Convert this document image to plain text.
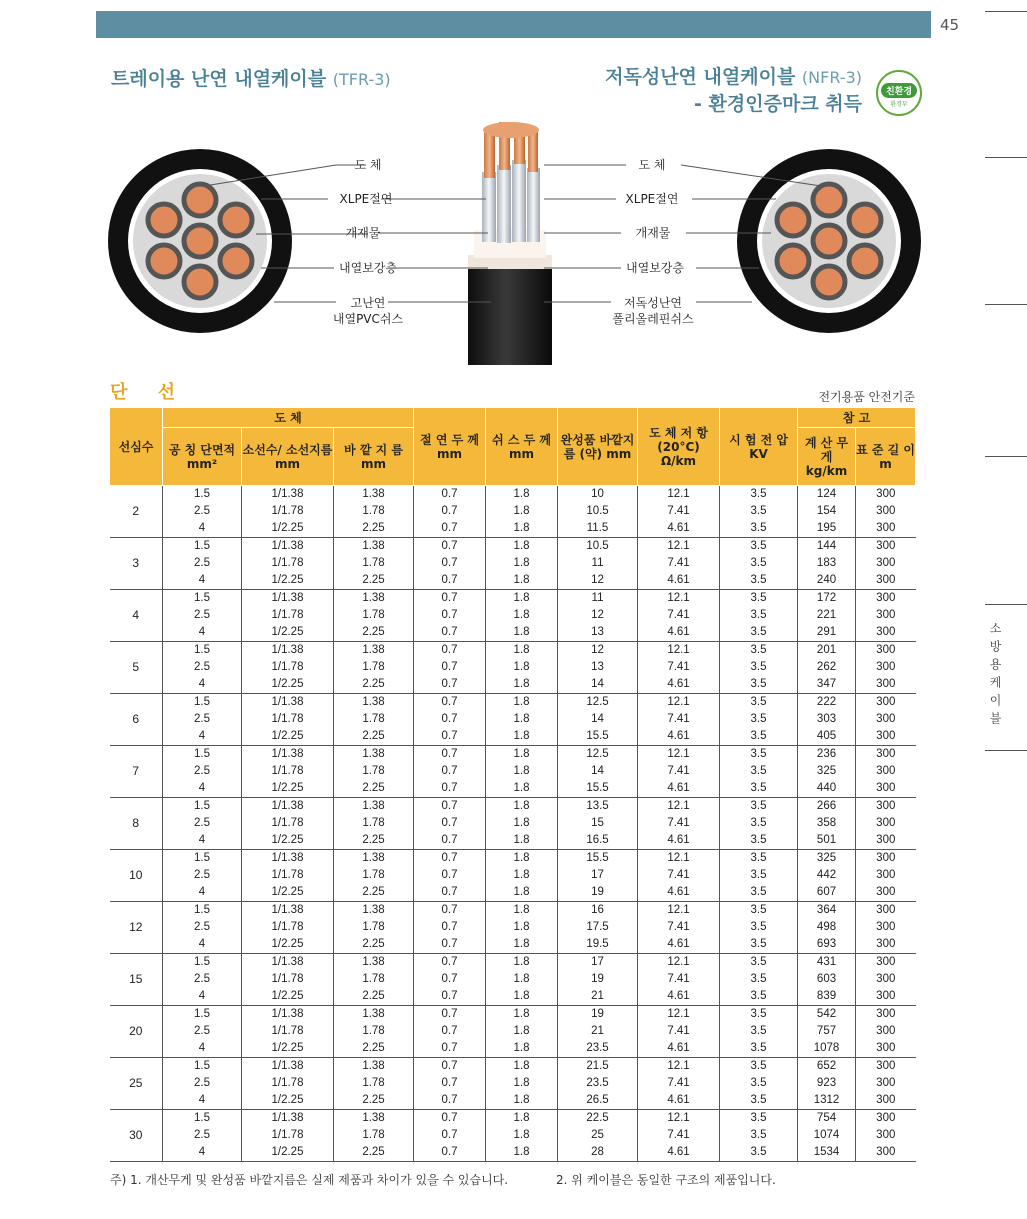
45
소방용케이블
트레이용 난연 내열케이블 (TFR-3)	저독성난연 내열케이블 (NFR-3)
- 환경인증마크 취득
친환경
환경부
도 체
XLPE절연
개재물
내열보강층
고난연
내열PVC쉬스
도 체
XLPE절연
개재물
내열보강층
저독성난연
폴리올레핀쉬스
단 선	전기용품 안전기준
선심수	도 체			절 연 두 께 mm	쉬 스 두 께 mm	완성품 바깥지름 (약) mm	도 체 저 항 (20°C) Ω/km	시 험 전 압 KV	참 고	
	공 칭 단면적 mm²	소선수/ 소선지름 mm	바 깥 지 름 mm						계 산 무 게 kg/km	표 준 길 이 m
2	1.5	1/1.38	1.38	0.7	1.8	10	12.1	3.5	124	300
	2.5	1/1.78	1.78	0.7	1.8	10.5	7.41	3.5	154	300
	4	1/2.25	2.25	0.7	1.8	11.5	4.61	3.5	195	300
3	1.5	1/1.38	1.38	0.7	1.8	10.5	12.1	3.5	144	300
	2.5	1/1.78	1.78	0.7	1.8	11	7.41	3.5	183	300
	4	1/2.25	2.25	0.7	1.8	12	4.61	3.5	240	300
4	1.5	1/1.38	1.38	0.7	1.8	11	12.1	3.5	172	300
	2.5	1/1.78	1.78	0.7	1.8	12	7.41	3.5	221	300
	4	1/2.25	2.25	0.7	1.8	13	4.61	3.5	291	300
5	1.5	1/1.38	1.38	0.7	1.8	12	12.1	3.5	201	300
	2.5	1/1.78	1.78	0.7	1.8	13	7.41	3.5	262	300
	4	1/2.25	2.25	0.7	1.8	14	4.61	3.5	347	300
6	1.5	1/1.38	1.38	0.7	1.8	12.5	12.1	3.5	222	300
	2.5	1/1.78	1.78	0.7	1.8	14	7.41	3.5	303	300
	4	1/2.25	2.25	0.7	1.8	15.5	4.61	3.5	405	300
7	1.5	1/1.38	1.38	0.7	1.8	12.5	12.1	3.5	236	300
	2.5	1/1.78	1.78	0.7	1.8	14	7.41	3.5	325	300
	4	1/2.25	2.25	0.7	1.8	15.5	4.61	3.5	440	300
8	1.5	1/1.38	1.38	0.7	1.8	13.5	12.1	3.5	266	300
	2.5	1/1.78	1.78	0.7	1.8	15	7.41	3.5	358	300
	4	1/2.25	2.25	0.7	1.8	16.5	4.61	3.5	501	300
10	1.5	1/1.38	1.38	0.7	1.8	15.5	12.1	3.5	325	300
	2.5	1/1.78	1.78	0.7	1.8	17	7.41	3.5	442	300
	4	1/2.25	2.25	0.7	1.8	19	4.61	3.5	607	300
12	1.5	1/1.38	1.38	0.7	1.8	16	12.1	3.5	364	300
	2.5	1/1.78	1.78	0.7	1.8	17.5	7.41	3.5	498	300
	4	1/2.25	2.25	0.7	1.8	19.5	4.61	3.5	693	300
15	1.5	1/1.38	1.38	0.7	1.8	17	12.1	3.5	431	300
	2.5	1/1.78	1.78	0.7	1.8	19	7.41	3.5	603	300
	4	1/2.25	2.25	0.7	1.8	21	4.61	3.5	839	300
20	1.5	1/1.38	1.38	0.7	1.8	19	12.1	3.5	542	300
	2.5	1/1.78	1.78	0.7	1.8	21	7.41	3.5	757	300
	4	1/2.25	2.25	0.7	1.8	23.5	4.61	3.5	1078	300
25	1.5	1/1.38	1.38	0.7	1.8	21.5	12.1	3.5	652	300
	2.5	1/1.78	1.78	0.7	1.8	23.5	7.41	3.5	923	300
	4	1/2.25	2.25	0.7	1.8	26.5	4.61	3.5	1312	300
30	1.5	1/1.38	1.38	0.7	1.8	22.5	12.1	3.5	754	300
	2.5	1/1.78	1.78	0.7	1.8	25	7.41	3.5	1074	300
	4	1/2.25	2.25	0.7	1.8	28	4.61	3.5	1534	300
주) 1. 개산무게 및 완성품 바깥지름은 실제 제품과 차이가 있을 수 있습니다.	2. 위 케이블은 동일한 구조의 제품입니다.
